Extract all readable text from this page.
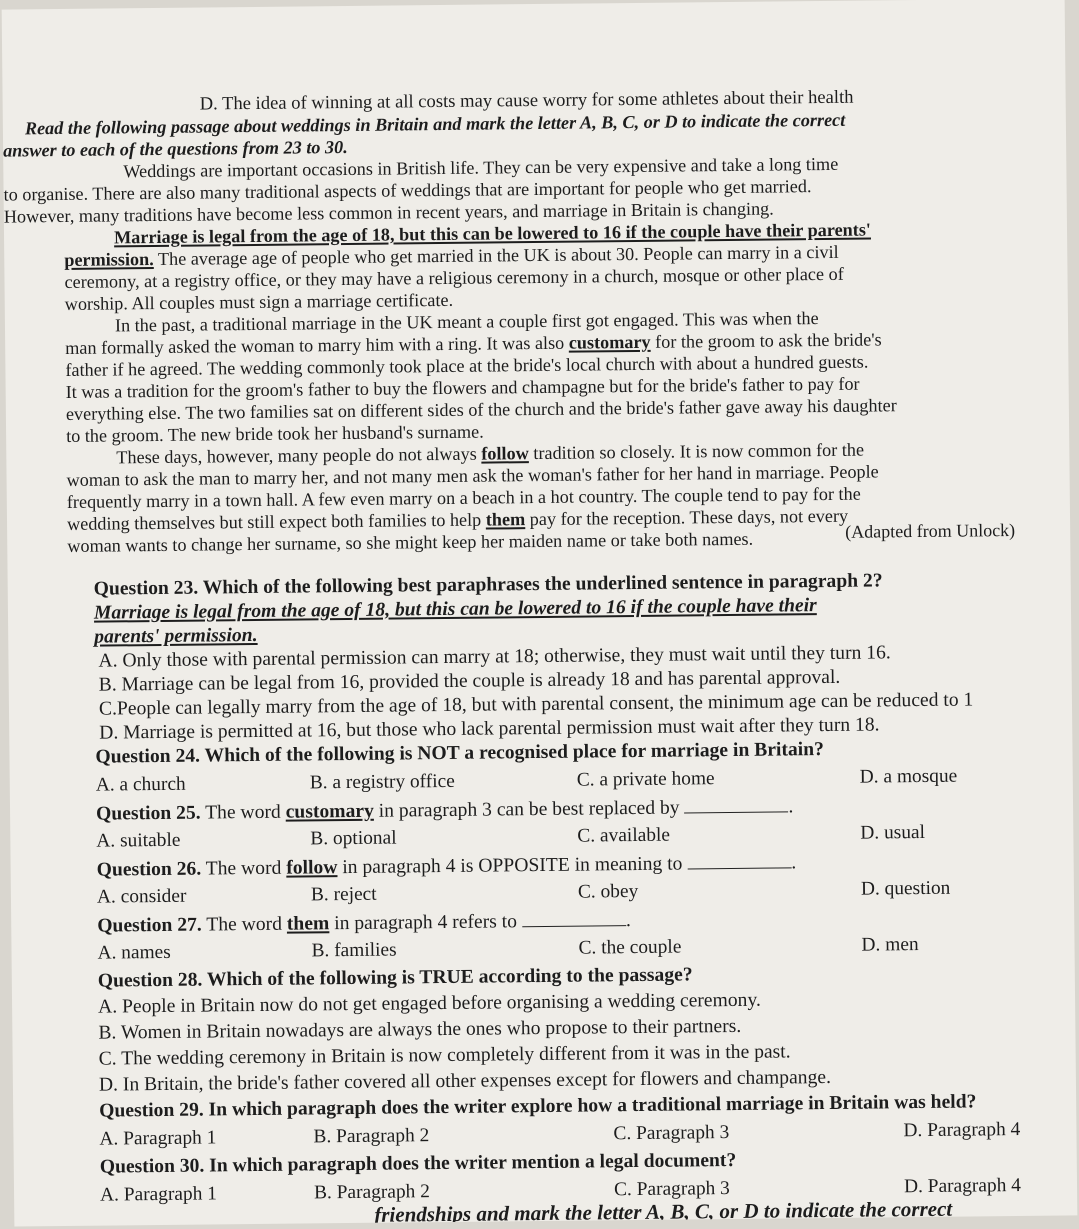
D. The idea of winning at all costs may cause worry for some athletes about their health
Read the following passage about weddings in Britain and mark the letter A, B, C, or D to indicate the correct
answer to each of the questions from 23 to 30.
Weddings are important occasions in British life. They can be very expensive and take a long time
to organise. There are also many traditional aspects of weddings that are important for people who get married.
However, many traditions have become less common in recent years, and marriage in Britain is changing.
Marriage is legal from the age of 18, but this can be lowered to 16 if the couple have their parents'
permission. The average age of people who get married in the UK is about 30. People can marry in a civil
ceremony, at a registry office, or they may have a religious ceremony in a church, mosque or other place of
worship. All couples must sign a marriage certificate.
In the past, a traditional marriage in the UK meant a couple first got engaged. This was when the
man formally asked the woman to marry him with a ring. It was also customary for the groom to ask the bride's
father if he agreed. The wedding commonly took place at the bride's local church with about a hundred guests.
It was a tradition for the groom's father to buy the flowers and champagne but for the bride's father to pay for
everything else. The two families sat on different sides of the church and the bride's father gave away his daughter
to the groom. The new bride took her husband's surname.
These days, however, many people do not always follow tradition so closely. It is now common for the
woman to ask the man to marry her, and not many men ask the woman's father for her hand in marriage. People
frequently marry in a town hall. A few even marry on a beach in a hot country. The couple tend to pay for the
wedding themselves but still expect both families to help them pay for the reception. These days, not every
woman wants to change her surname, so she might keep her maiden name or take both names.	(Adapted from Unlock)
Question 23. Which of the following best paraphrases the underlined sentence in paragraph 2?
Marriage is legal from the age of 18, but this can be lowered to 16 if the couple have their
parents' permission.
A. Only those with parental permission can marry at 18; otherwise, they must wait until they turn 16.
B. Marriage can be legal from 16, provided the couple is already 18 and has parental approval.
C.People can legally marry from the age of 18, but with parental consent, the minimum age can be reduced to 1
D. Marriage is permitted at 16, but those who lack parental permission must wait after they turn 18.
Question 24. Which of the following is NOT a recognised place for marriage in Britain?
A. a church	B. a registry office	C. a private home	D. a mosque
Question 25. The word customary in paragraph 3 can be best replaced by	.
A. suitable	B. optional	C. available	D. usual
Question 26. The word follow in paragraph 4 is OPPOSITE in meaning to	.
A. consider	B. reject	C. obey	D. question
Question 27. The word them in paragraph 4 refers to	.
A. names	B. families	C. the couple	D. men
Question 28. Which of the following is TRUE according to the passage?
A. People in Britain now do not get engaged before organising a wedding ceremony.
B. Women in Britain nowadays are always the ones who propose to their partners.
C. The wedding ceremony in Britain is now completely different from it was in the past.
D. In Britain, the bride's father covered all other expenses except for flowers and champange.
Question 29. In which paragraph does the writer explore how a traditional marriage in Britain was held?
A. Paragraph 1	B. Paragraph 2	C. Paragraph 3	D. Paragraph 4
Question 30. In which paragraph does the writer mention a legal document?
A. Paragraph 1	B. Paragraph 2	C. Paragraph 3	D. Paragraph 4
friendships and mark the letter A, B, C, or D to indicate the correct
